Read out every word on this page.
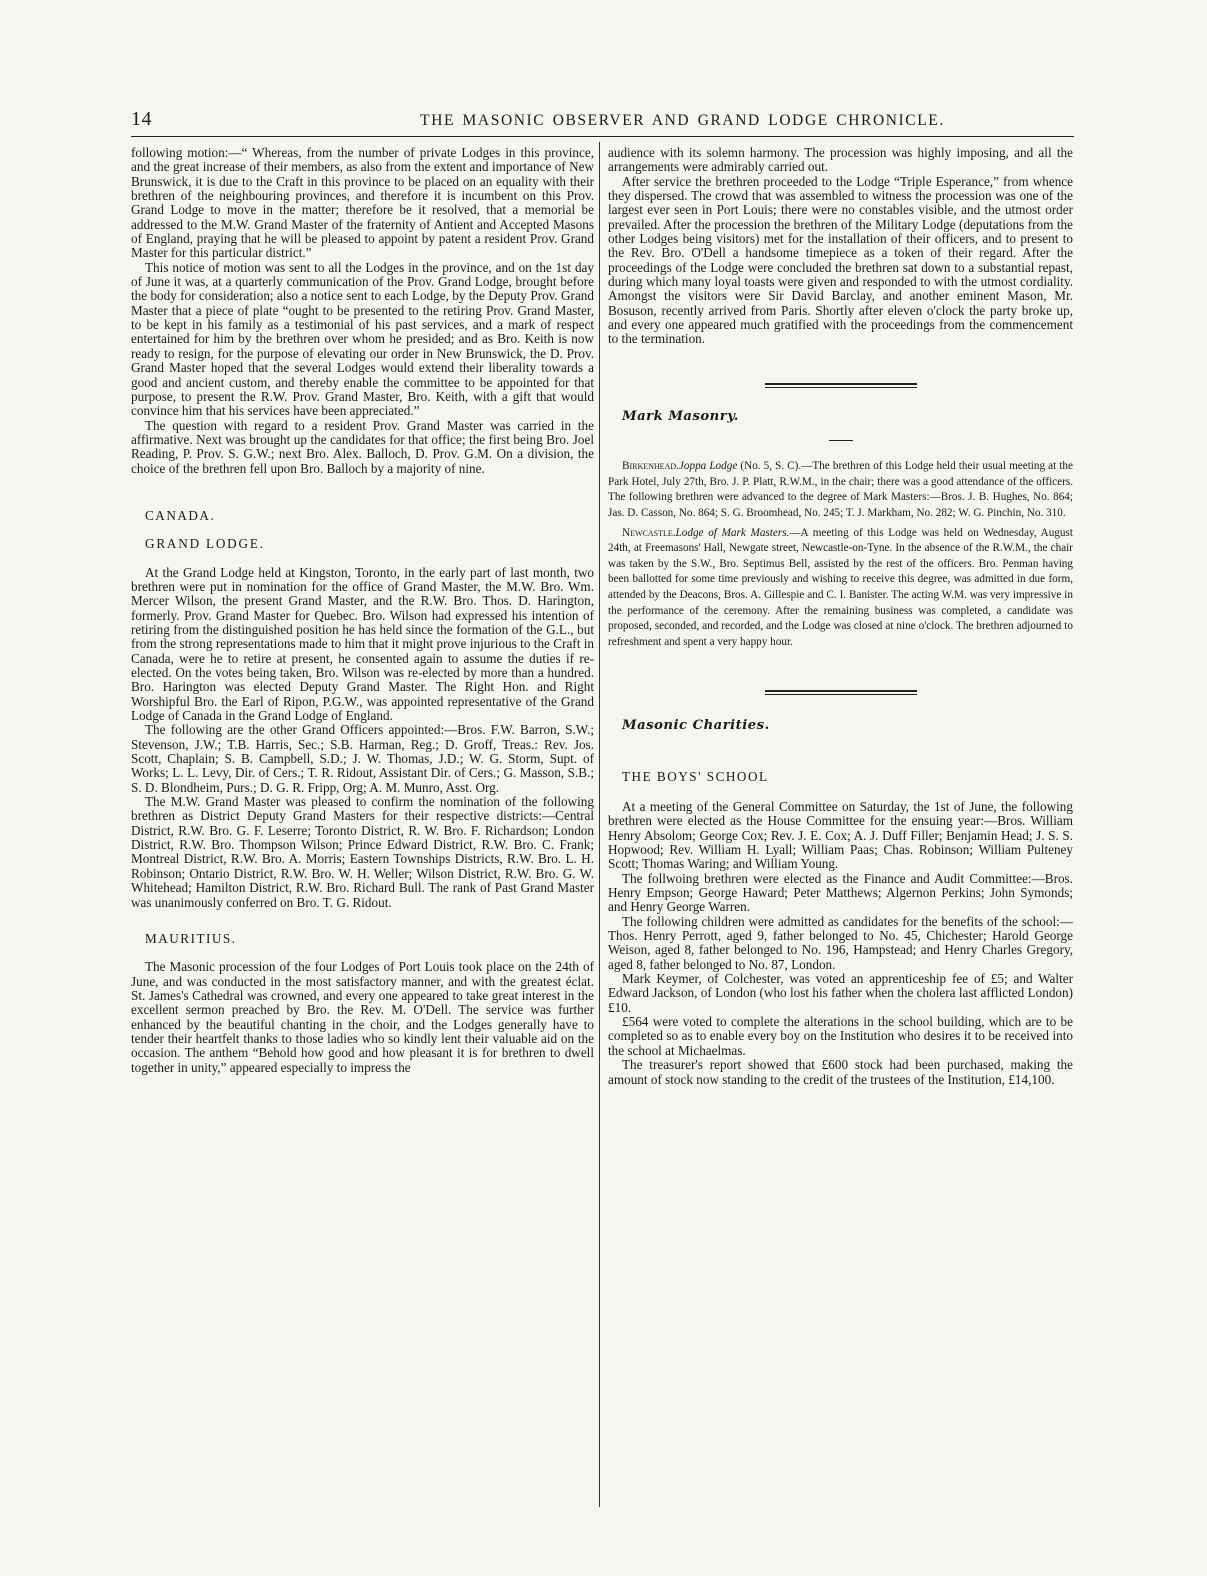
14	THE MASONIC OBSERVER AND GRAND LODGE CHRONICLE.

following motion:—“ Whereas, from the number of private Lodges in this province, and the great increase of their members, as also from the extent and importance of New Brunswick, it is due to the Craft in this province to be placed on an equality with their brethren of the neighbouring provinces, and therefore it is incumbent on this Prov. Grand Lodge to move in the matter; therefore be it resolved, that a memorial be addressed to the M.W. Grand Master of the fraternity of Antient and Accepted Masons of England, praying that he will be pleased to appoint by patent a resident Prov. Grand Master for this particular district.”

This notice of motion was sent to all the Lodges in the province, and on the 1st day of June it was, at a quarterly communication of the Prov. Grand Lodge, brought before the body for consideration; also a notice sent to each Lodge, by the Deputy Prov. Grand Master that a piece of plate “ought to be presented to the retiring Prov. Grand Master, to be kept in his family as a testimonial of his past services, and a mark of respect entertained for him by the brethren over whom he presided; and as Bro. Keith is now ready to resign, for the purpose of elevating our order in New Brunswick, the D. Prov. Grand Master hoped that the several Lodges would extend their liberality towards a good and ancient custom, and thereby enable the committee to be appointed for that purpose, to present the R.W. Prov. Grand Master, Bro. Keith, with a gift that would convince him that his services have been appreciated.”

The question with regard to a resident Prov. Grand Master was carried in the affirmative. Next was brought up the candidates for that office; the first being Bro. Joel Reading, P. Prov. S. G.W.; next Bro. Alex. Balloch, D. Prov. G.M. On a division, the choice of the brethren fell upon Bro. Balloch by a majority of nine.

CANADA.

GRAND LODGE.

At the Grand Lodge held at Kingston, Toronto, in the early part of last month, two brethren were put in nomination for the office of Grand Master, the M.W. Bro. Wm. Mercer Wilson, the present Grand Master, and the R.W. Bro. Thos. D. Harington, formerly. Prov. Grand Master for Quebec. Bro. Wilson had expressed his intention of retiring from the distinguished position he has held since the formation of the G.L., but from the strong representations made to him that it might prove injurious to the Craft in Canada, were he to retire at present, he consented again to assume the duties if re-elected. On the votes being taken, Bro. Wilson was re-elected by more than a hundred. Bro. Harington was elected Deputy Grand Master. The Right Hon. and Right Worshipful Bro. the Earl of Ripon, P.G.W., was appointed representative of the Grand Lodge of Canada in the Grand Lodge of England.

The following are the other Grand Officers appointed:—Bros. F.W. Barron, S.W.; Stevenson, J.W.; T.B. Harris, Sec.; S.B. Harman, Reg.; D. Groff, Treas.: Rev. Jos. Scott, Chaplain; S. B. Campbell, S.D.; J. W. Thomas, J.D.; W. G. Storm, Supt. of Works; L. L. Levy, Dir. of Cers.; T. R. Ridout, Assistant Dir. of Cers.; G. Masson, S.B.; S. D. Blondheim, Purs.; D. G. R. Fripp, Org; A. M. Munro, Asst. Org.

The M.W. Grand Master was pleased to confirm the nomination of the following brethren as District Deputy Grand Masters for their respective districts:—Central District, R.W. Bro. G. F. Leserre; Toronto District, R. W. Bro. F. Richardson; London District, R.W. Bro. Thompson Wilson; Prince Edward District, R.W. Bro. C. Frank; Montreal District, R.W. Bro. A. Morris; Eastern Townships Districts, R.W. Bro. L. H. Robinson; Ontario District, R.W. Bro. W. H. Weller; Wilson District, R.W. Bro. G. W. Whitehead; Hamilton District, R.W. Bro. Richard Bull. The rank of Past Grand Master was unanimously conferred on Bro. T. G. Ridout.

MAURITIUS.

The Masonic procession of the four Lodges of Port Louis took place on the 24th of June, and was conducted in the most satisfactory manner, and with the greatest éclat. St. James's Cathedral was crowned, and every one appeared to take great interest in the excellent sermon preached by Bro. the Rev. M. O'Dell. The service was further enhanced by the beautiful chanting in the choir, and the Lodges generally have to tender their heartfelt thanks to those ladies who so kindly lent their valuable aid on the occasion. The anthem “Behold how good and how pleasant it is for brethren to dwell together in unity,” appeared especially to impress the

audience with its solemn harmony. The procession was highly imposing, and all the arrangements were admirably carried out.

After service the brethren proceeded to the Lodge “Triple Esperance,” from whence they dispersed. The crowd that was assembled to witness the procession was one of the largest ever seen in Port Louis; there were no constables visible, and the utmost order prevailed. After the procession the brethren of the Military Lodge (deputations from the other Lodges being visitors) met for the installation of their officers, and to present to the Rev. Bro. O'Dell a handsome timepiece as a token of their regard. After the proceedings of the Lodge were concluded the brethren sat down to a substantial repast, during which many loyal toasts were given and responded to with the utmost cordiality. Amongst the visitors were Sir David Barclay, and another eminent Mason, Mr. Bosuson, recently arrived from Paris. Shortly after eleven o'clock the party broke up, and every one appeared much gratified with the proceedings from the commencement to the termination.

Mark Masonry.

Birkenhead.Joppa Lodge (No. 5, S. C).—The brethren of this Lodge held their usual meeting at the Park Hotel, July 27th, Bro. J. P. Platt, R.W.M., in the chair; there was a good attendance of the officers. The following brethren were advanced to the degree of Mark Masters:—Bros. J. B. Hughes, No. 864; Jas. D. Casson, No. 864; S. G. Broomhead, No. 245; T. J. Markham, No. 282; W. G. Pinchin, No. 310.

Newcastle.Lodge of Mark Masters.—A meeting of this Lodge was held on Wednesday, August 24th, at Freemasons' Hall, Newgate street, Newcastle-on-Tyne. In the absence of the R.W.M., the chair was taken by the S.W., Bro. Septimus Bell, assisted by the rest of the officers. Bro. Penman having been ballotted for some time previously and wishing to receive this degree, was admitted in due form, attended by the Deacons, Bros. A. Gillespie and C. I. Banister. The acting W.M. was very impressive in the performance of the ceremony. After the remaining business was completed, a candidate was proposed, seconded, and recorded, and the Lodge was closed at nine o'clock. The brethren adjourned to refreshment and spent a very happy hour.

Masonic Charities.

THE BOYS' SCHOOL

At a meeting of the General Committee on Saturday, the 1st of June, the following brethren were elected as the House Committee for the ensuing year:—Bros. William Henry Absolom; George Cox; Rev. J. E. Cox; A. J. Duff Filler; Benjamin Head; J. S. S. Hopwood; Rev. William H. Lyall; William Paas; Chas. Robinson; William Pulteney Scott; Thomas Waring; and William Young.

The follwoing brethren were elected as the Finance and Audit Committee:—Bros. Henry Empson; George Haward; Peter Matthews; Algernon Perkins; John Symonds; and Henry George Warren.

The following children were admitted as candidates for the benefits of the school:—Thos. Henry Perrott, aged 9, father belonged to No. 45, Chichester; Harold George Weison, aged 8, father belonged to No. 196, Hampstead; and Henry Charles Gregory, aged 8, father belonged to No. 87, London.

Mark Keymer, of Colchester, was voted an apprenticeship fee of £5; and Walter Edward Jackson, of London (who lost his father when the cholera last afflicted London) £10.

£564 were voted to complete the alterations in the school building, which are to be completed so as to enable every boy on the Institution who desires it to be received into the school at Michaelmas.

The treasurer's report showed that £600 stock had been purchased, making the amount of stock now standing to the credit of the trustees of the Institution, £14,100.
